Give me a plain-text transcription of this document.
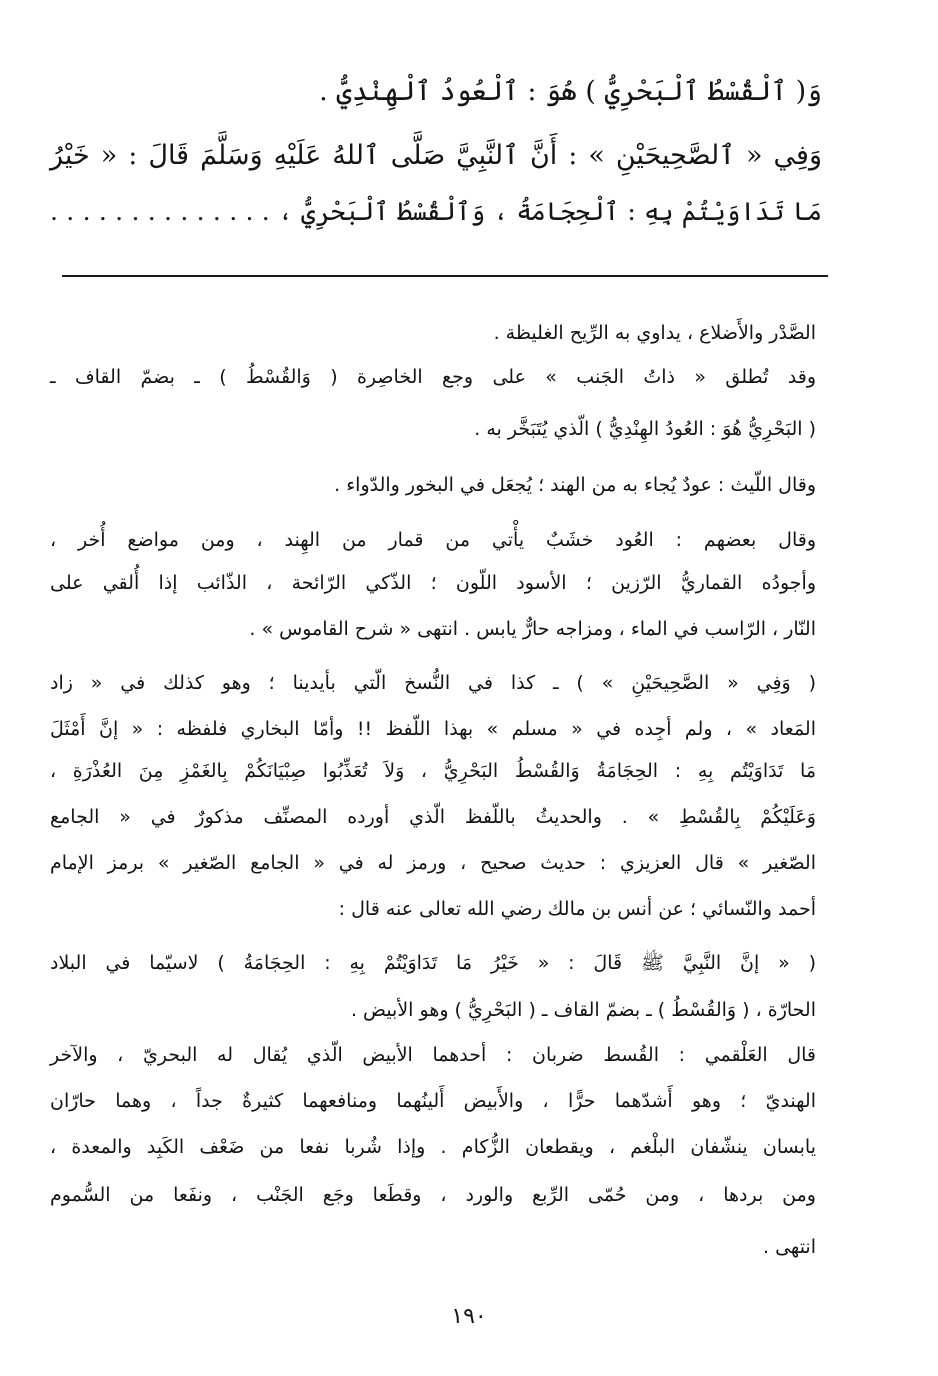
وَ( ٱلْقُسْطُ ٱلْبَحْرِيُّ ) هُوَ : ٱلْعُودُ ٱلْهِنْدِيُّ .
وَفِي « ٱلصَّحِيحَيْنِ » : أَنَّ ٱلنَّبِيَّ صَلَّى ٱللهُ عَلَيْهِ وَسَلَّمَ قَالَ : « خَيْرُ
مَا تَدَاوَيْتُمْ بِهِ : ٱلْحِجَامَةُ ، وَٱلْقُسْطُ ٱلْبَحْرِيُّ ، . . . . . . . . . . . . . .
الصَّدْر والأَضلاع ، يداوي به الرِّيح الغليظة .
وقد تُطلق « ذاتُ الجَنب » على وجع الخاصِرة ( وَالقُسْطُ ) ـ بضمّ القاف ـ
( البَحْرِيُّ هُوَ : العُودُ الهِنْدِيُّ ) الّذي يُتَبَخَّر به .
وقال اللّيث : عودٌ يُجاء به من الهند ؛ يُجعَل في البخور والدّواء .
وقال بعضهم : العُود خشَبٌ يأْتي من قمار من الهِند ، ومن مواضع أُخر ،
وأجودُه القماريُّ الرّزين ؛ الأسود اللّون ؛ الذّكي الرّائحة ، الذّائب إذا أُلقي على
النّار ، الرّاسب في الماء ، ومزاجه حارٌّ يابس . انتهى « شرح القاموس » .
( وَفِي « الصَّحِيحَيْنِ » ) ـ كذا في النُّسخ الّتي بأيدينا ؛ وهو كذلك في « زاد
المَعاد » ، ولم أجِده في « مسلم » بهذا اللّفظ !! وأمّا البخاري فلفظه : « إنَّ أَمْثَلَ
مَا تَدَاوَيْتُم بِهِ : الحِجَامَةُ وَالقُسْطُ البَحْرِيُّ ، وَلاَ تُعَذِّبُوا صِبْيَانَكُمْ بِالغَمْزِ مِنَ العُذْرَةِ ،
وَعَلَيْكُمْ بِالقُسْطِ » . والحديثُ باللّفظ الّذي أورده المصنِّف مذكورٌ في « الجامع
الصّغير » قال العزيزي : حديث صحيح ، ورمز له في « الجامع الصّغير » برمز الإمام
أحمد والنّسائي ؛ عن أنس بن مالك رضي الله تعالى عنه قال :
( « إنَّ النَّبِيَّ ﷺ قَالَ : « خَيْرُ مَا تَدَاوَيْتُمْ بِهِ : الحِجَامَةُ ) لاسيّما في البلاد
الحارّة ، ( وَالقُسْطُ ) ـ بضمّ القاف ـ ( البَحْرِيُّ ) وهو الأبيض .
قال العَلْقمي : القُسط ضربان : أحدهما الأبيض الّذي يُقال له البحريّ ، والآخر
الهنديّ ؛ وهو أَشدّهما حرًّا ، والأَبيض أَلينُهما ومنافعهما كثيرةٌ جداً ، وهما حارّان
يابسان ينشّفان البلْغم ، ويقطعان الزُّكام . وإذا شُربا نفعا من ضَعْف الكَبِد والمعدة ،
ومن بردها ، ومن حُمّى الرِّبع والورد ، وقطَعا وجَع الجَنْب ، ونفَعا من السُّموم
انتهى .
١٩٠
